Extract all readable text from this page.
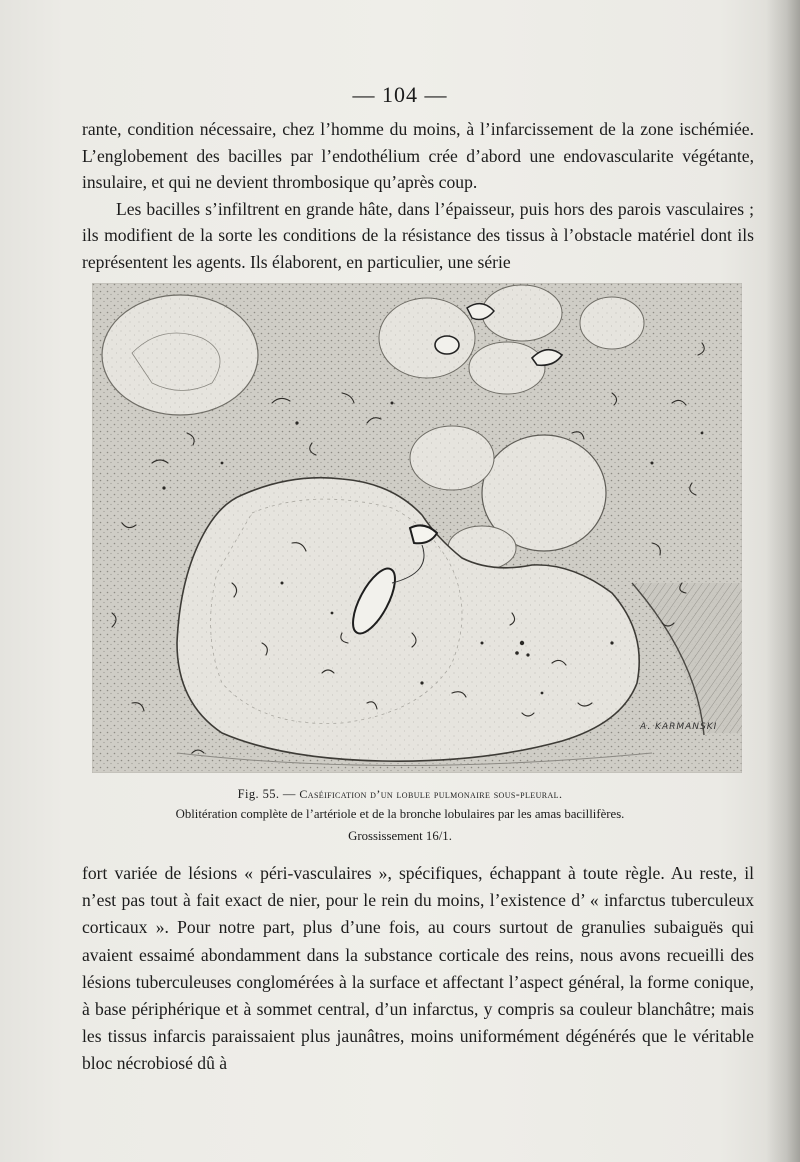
— 104 —

rante, condition nécessaire, chez l’homme du moins, à l’infarcissement de la zone ischémiée. L’englobement des bacilles par l’endothélium crée d’abord une endovascularite végétante, insulaire, et qui ne devient thrombosique qu’après coup.

Les bacilles s’infiltrent en grande hâte, dans l’épaisseur, puis hors des parois vasculaires ; ils modifient de la sorte les conditions de la résistance des tissus à l’obstacle matériel dont ils représentent les agents. Ils élaborent, en particulier, une série

A. KARMANSKI
Fig. 55. — Caséification d’un lobule pulmonaire sous-pleural.
Oblitération complète de l’artériole et de la bronche lobulaires par les amas bacillifères.
Grossissement 16/1.

fort variée de lésions « péri-vasculaires », spécifiques, échappant à toute règle. Au reste, il n’est pas tout à fait exact de nier, pour le rein du moins, l’existence d’ « infarctus tuberculeux corticaux ». Pour notre part, plus d’une fois, au cours surtout de granulies subaiguës qui avaient essaimé abondamment dans la substance corticale des reins, nous avons recueilli des lésions tuberculeuses conglomérées à la surface et affectant l’aspect général, la forme conique, à base périphérique et à sommet central, d’un infarctus, y compris sa couleur blanchâtre; mais les tissus infarcis paraissaient plus jaunâtres, moins uniformément dégénérés que le véritable bloc nécrobiosé dû à
